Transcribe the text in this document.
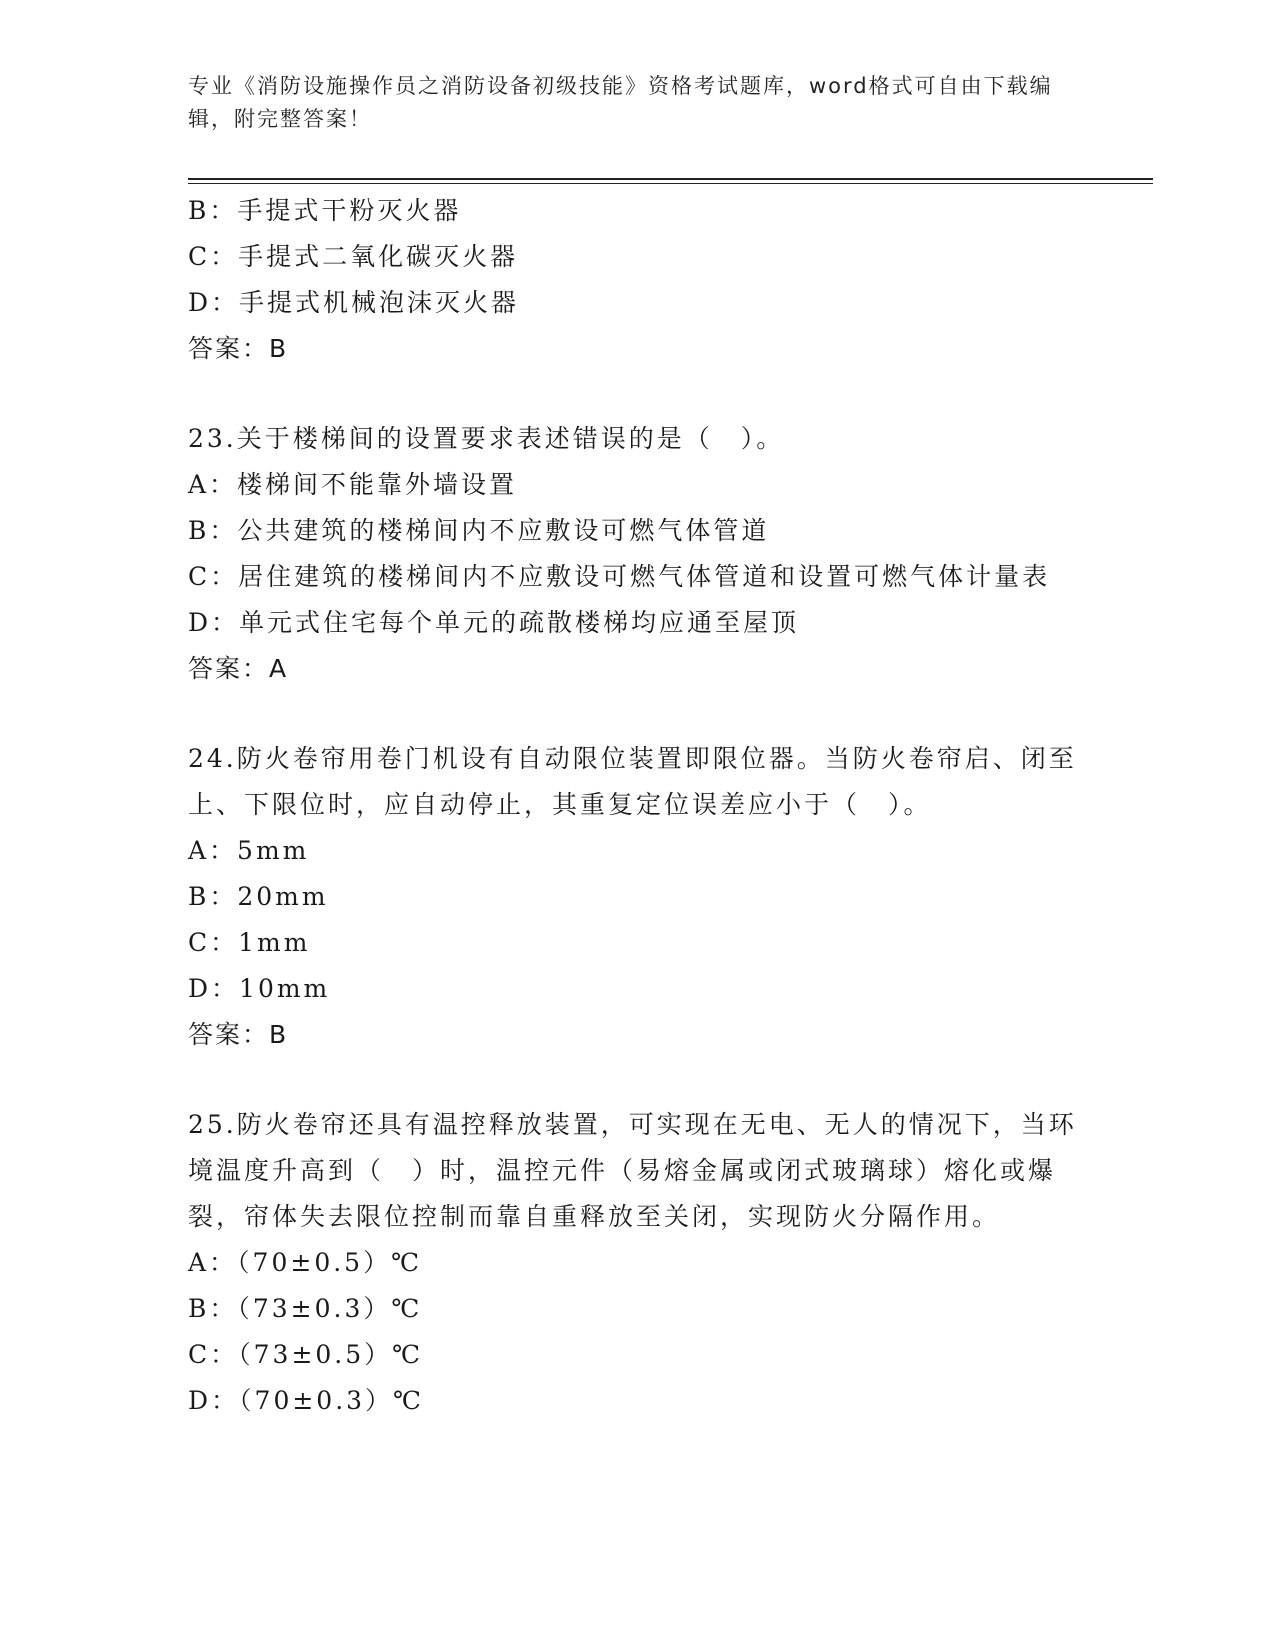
专业《消防设施操作员之消防设备初级技能》资格考试题库，word格式可自由下载编辑，附完整答案！
B：手提式干粉灭火器
C：手提式二氧化碳灭火器
D：手提式机械泡沫灭火器
答案：B
23.关于楼梯间的设置要求表述错误的是（　）。
A：楼梯间不能靠外墙设置
B：公共建筑的楼梯间内不应敷设可燃气体管道
C：居住建筑的楼梯间内不应敷设可燃气体管道和设置可燃气体计量表
D：单元式住宅每个单元的疏散楼梯均应通至屋顶
答案：A
24.防火卷帘用卷门机设有自动限位装置即限位器。当防火卷帘启、闭至上、下限位时，应自动停止，其重复定位误差应小于（　）。
A：5mm
B：20mm
C：1mm
D：10mm
答案：B
25.防火卷帘还具有温控释放装置，可实现在无电、无人的情况下，当环境温度升高到（　）时，温控元件（易熔金属或闭式玻璃球）熔化或爆裂，帘体失去限位控制而靠自重释放至关闭，实现防火分隔作用。
A：（70±0.5）℃
B：（73±0.3）℃
C：（73±0.5）℃
D：（70±0.3）℃
